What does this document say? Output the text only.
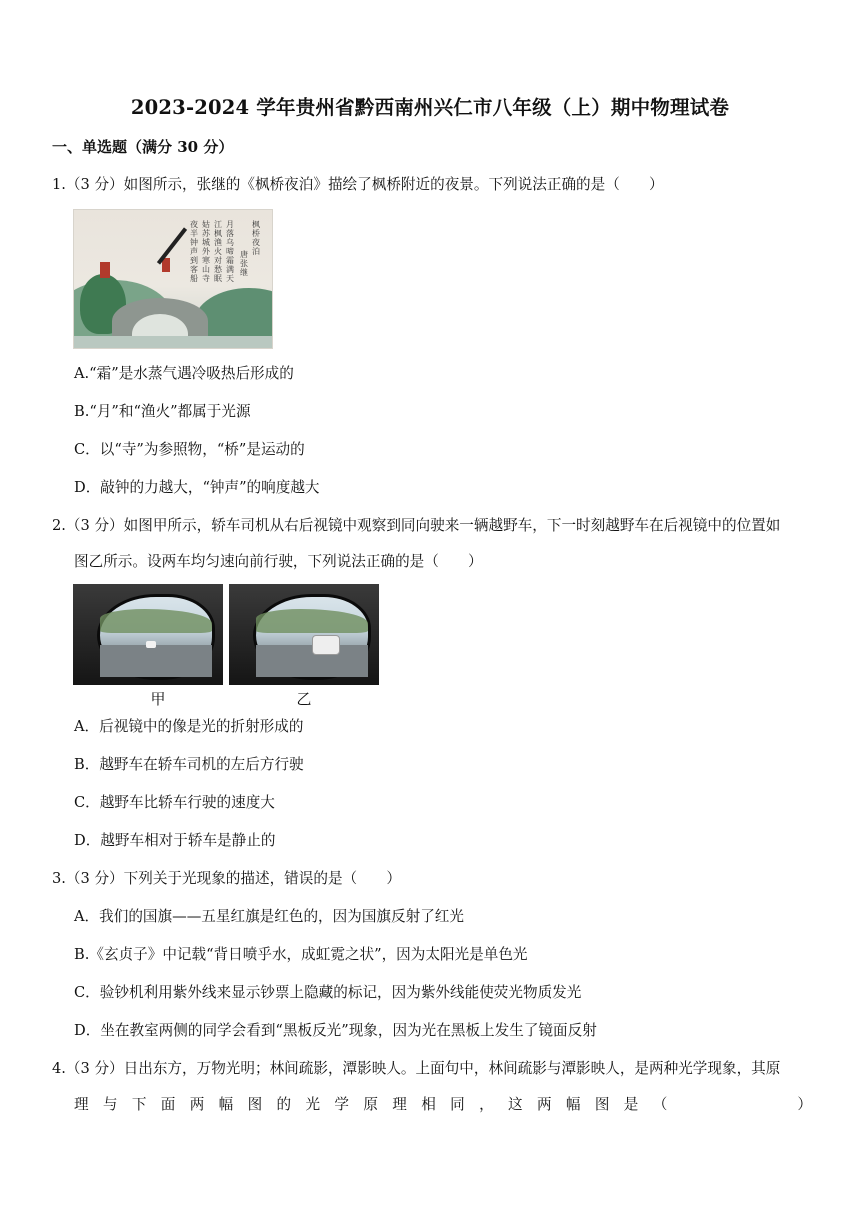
2023-2024 学年贵州省黔西南州兴仁市八年级（上）期中物理试卷
一、单选题（满分 30 分）
1.（3 分）如图所示，张继的《枫桥夜泊》描绘了枫桥附近的夜景。下列说法正确的是（　　）
枫桥夜泊
唐张继
月落乌啼霜满天
江枫渔火对愁眠
姑苏城外寒山寺
夜半钟声到客船
A.“霜”是水蒸气遇冷吸热后形成的
B.“月”和“渔火”都属于光源
C．以“寺”为参照物，“桥”是运动的
D．敲钟的力越大，“钟声”的响度越大
2.（3 分）如图甲所示，轿车司机从右后视镜中观察到同向驶来一辆越野车，下一时刻越野车在后视镜中的位置如
图乙所示。设两车均匀速向前行驶，下列说法正确的是（　　）
甲	乙
A．后视镜中的像是光的折射形成的
B．越野车在轿车司机的左后方行驶
C．越野车比轿车行驶的速度大
D．越野车相对于轿车是静止的
3.（3 分）下列关于光现象的描述，错误的是（　　）
A．我们的国旗——五星红旗是红色的，因为国旗反射了红光
B.《玄贞子》中记载“背日喷乎水，成虹霓之状”，因为太阳光是单色光
C．验钞机利用紫外线来显示钞票上隐藏的标记，因为紫外线能使荧光物质发光
D．坐在教室两侧的同学会看到“黑板反光”现象，因为光在黑板上发生了镜面反射
4.（3 分）日出东方，万物光明；林间疏影，潭影映人。上面句中，林间疏影与潭影映人，是两种光学现象，其原
理与下面两幅图的光学原理相同，这两幅图是（　　　　）
